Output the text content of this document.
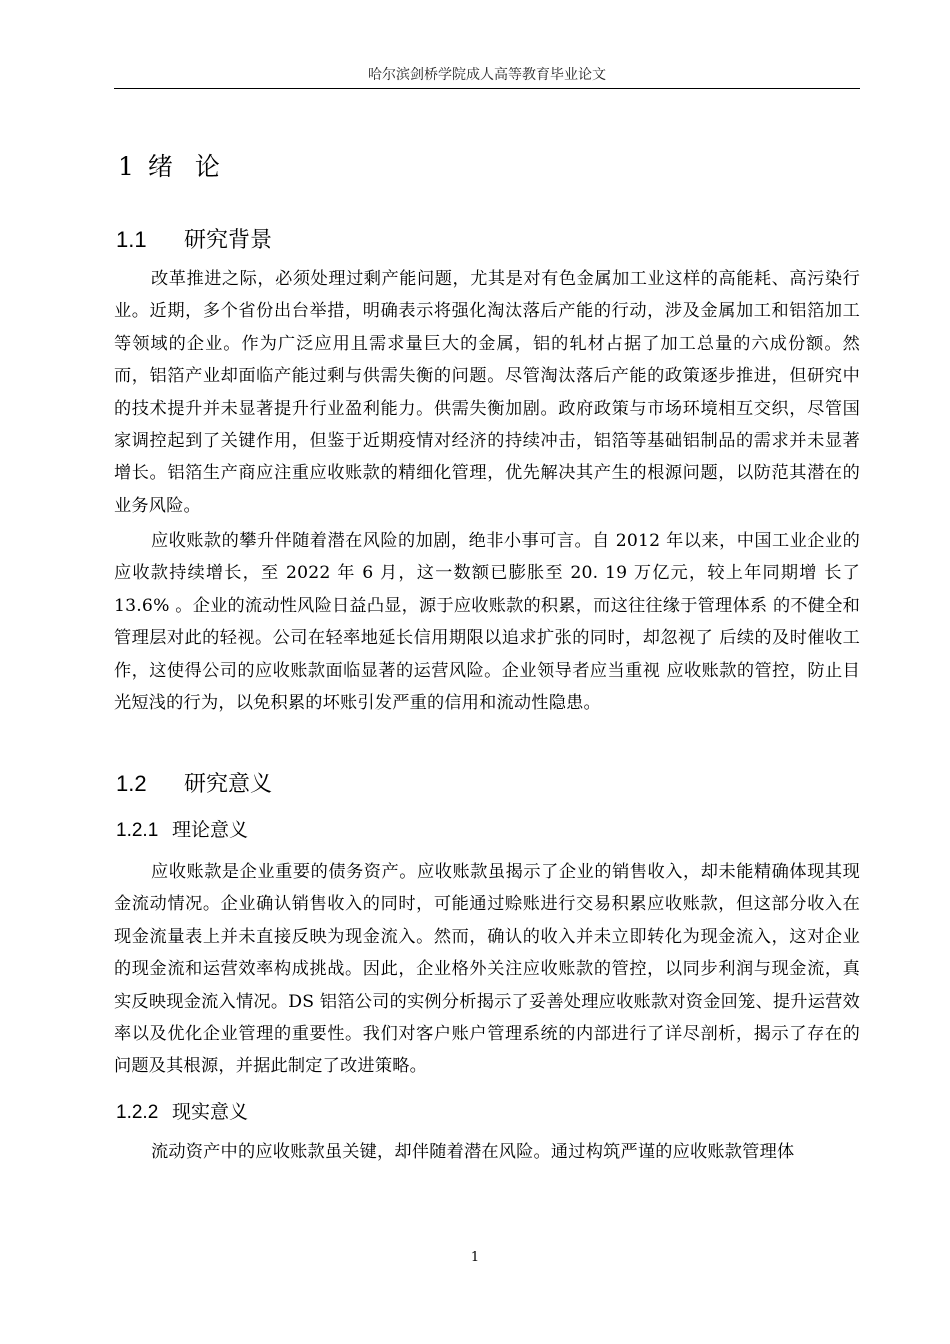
哈尔滨剑桥学院成人高等教育毕业论文
1 绪论
1.1 研究背景
改革推进之际，必须处理过剩产能问题，尤其是对有色金属加工业这样的高能耗、高污染行业。近期，多个省份出台举措，明确表示将强化淘汰落后产能的行动，涉及金属加工和铝箔加工等领域的企业。作为广泛应用且需求量巨大的金属，铝的轧材占据了加工总量的六成份额。然而，铝箔产业却面临产能过剩与供需失衡的问题。尽管淘汰落后产能的政策逐步推进，但研究中的技术提升并未显著提升行业盈利能力。供需失衡加剧。政府政策与市场环境相互交织，尽管国家调控起到了关键作用，但鉴于近期疫情对经济的持续冲击，铝箔等基础铝制品的需求并未显著增长。铝箔生产商应注重应收账款的精细化管理，优先解决其产生的根源问题，以防范其潜在的业务风险。
应收账款的攀升伴随着潜在风险的加剧，绝非小事可言。自 2012 年以来，中国工业企业的应收款持续增长，至 2022 年 6 月，这一数额已膨胀至 20. 19 万亿元，较上年同期增 长了 13.6% 。企业的流动性风险日益凸显，源于应收账款的积累，而这往往缘于管理体系 的不健全和管理层对此的轻视。公司在轻率地延长信用期限以追求扩张的同时，却忽视了 后续的及时催收工作，这使得公司的应收账款面临显著的运营风险。企业领导者应当重视 应收账款的管控，防止目光短浅的行为，以免积累的坏账引发严重的信用和流动性隐患。
1.2 研究意义
1.2.1 理论意义
应收账款是企业重要的债务资产。应收账款虽揭示了企业的销售收入，却未能精确体现其现金流动情况。企业确认销售收入的同时，可能通过赊账进行交易积累应收账款，但这部分收入在现金流量表上并未直接反映为现金流入。然而，确认的收入并未立即转化为现金流入，这对企业的现金流和运营效率构成挑战。因此，企业格外关注应收账款的管控，以同步利润与现金流，真实反映现金流入情况。DS 铝箔公司的实例分析揭示了妥善处理应收账款对资金回笼、提升运营效率以及优化企业管理的重要性。我们对客户账户管理系统的内部进行了详尽剖析，揭示了存在的问题及其根源，并据此制定了改进策略。
1.2.2 现实意义
流动资产中的应收账款虽关键，却伴随着潜在风险。通过构筑严谨的应收账款管理体
1
